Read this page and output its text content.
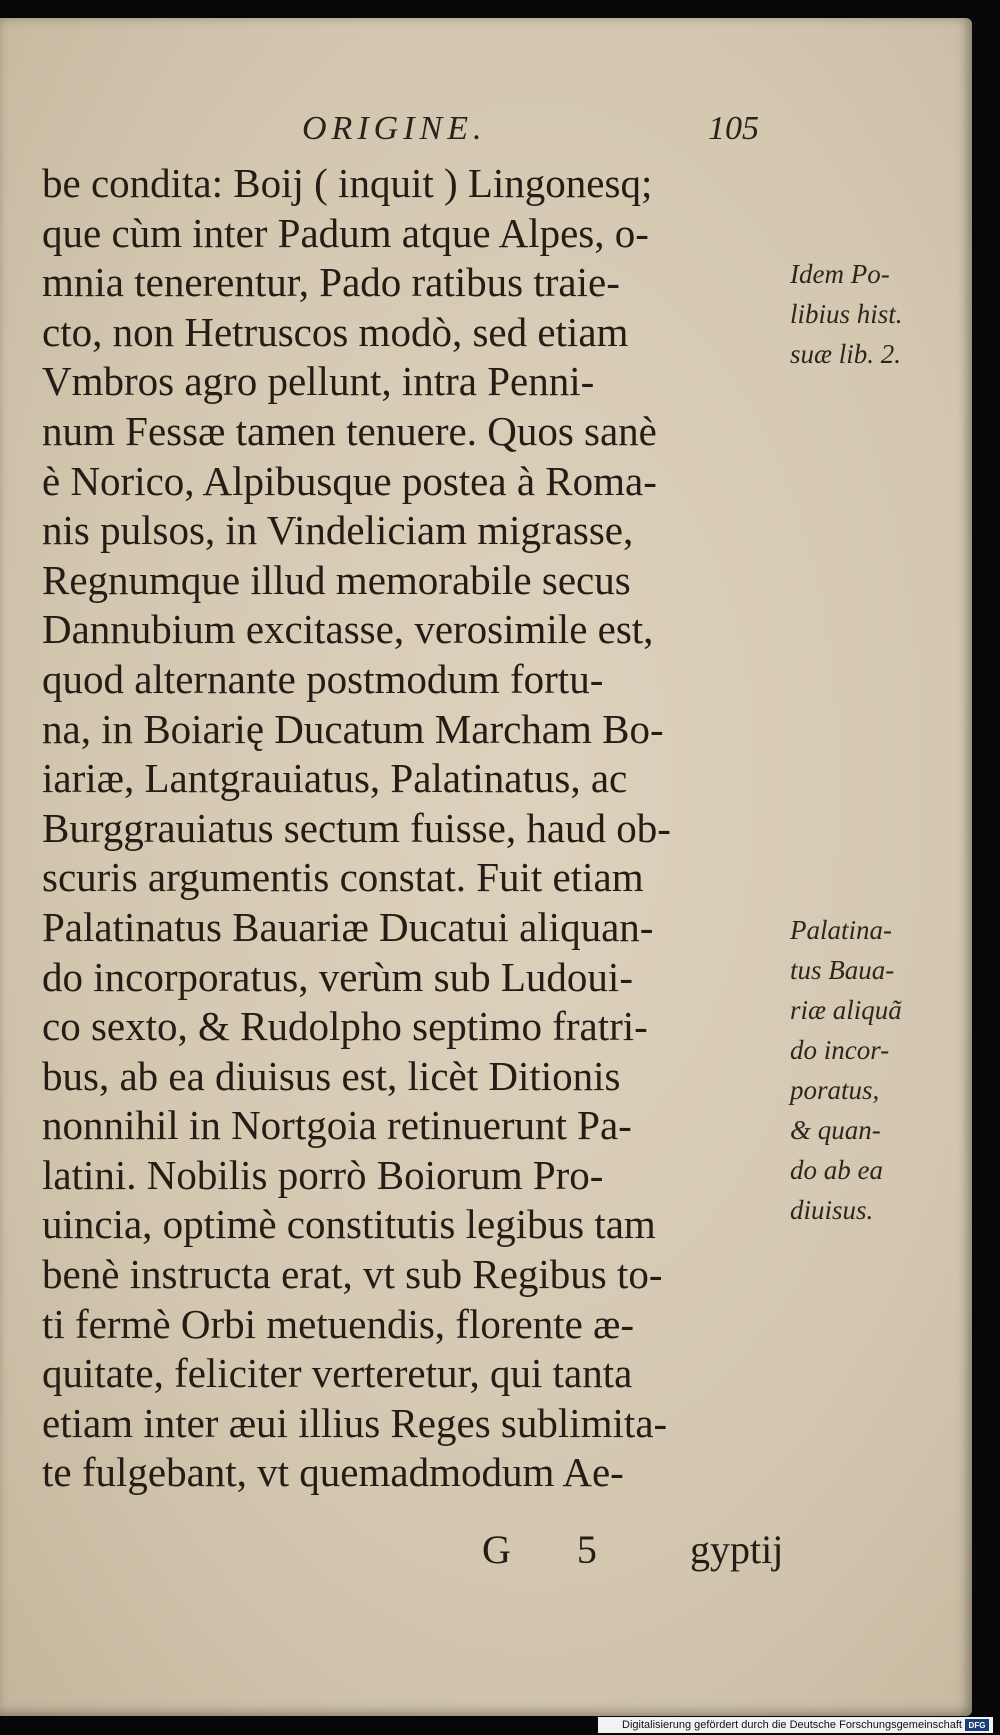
ORIGINE.	105
be condita: Boij ( inquit ) Lingonesq;
que cùm inter Padum atque Alpes, o-
mnia tenerentur, Pado ratibus traie-
cto, non Hetruscos modò, sed etiam
Vmbros agro pellunt, intra Penni-
num Fessæ tamen tenuere. Quos sanè
è Norico, Alpibusque postea à Roma-
nis pulsos, in Vindeliciam migrasse,
Regnumque illud memorabile secus
Dannubium excitasse, verosimile est,
quod alternante postmodum fortu-
na, in Boiarię Ducatum Marcham Bo-
iariæ, Lantgrauiatus, Palatinatus, ac
Burggrauiatus sectum fuisse, haud ob-
scuris argumentis constat. Fuit etiam
Palatinatus Bauariæ Ducatui aliquan-
do incorporatus, verùm sub Ludoui-
co sexto, & Rudolpho septimo fratri-
bus, ab ea diuisus est, licèt Ditionis
nonnihil in Nortgoia retinuerunt Pa-
latini. Nobilis porrò Boiorum Pro-
uincia, optimè constitutis legibus tam
benè instructa erat, vt sub Regibus to-
ti fermè Orbi metuendis, florente æ-
quitate, feliciter verteretur, qui tanta
etiam inter æui illius Reges sublimita-
te fulgebant, vt quemadmodum Ae-
Idem Po-
libius hist.
suæ lib. 2.
Palatina-
tus Baua-
riæ aliquã
do incor-
poratus,
& quan-
do ab ea
diuisus.
G 5 gyptij
Digitalisierung gefördert durch die Deutsche Forschungsgemeinschaft DFG
